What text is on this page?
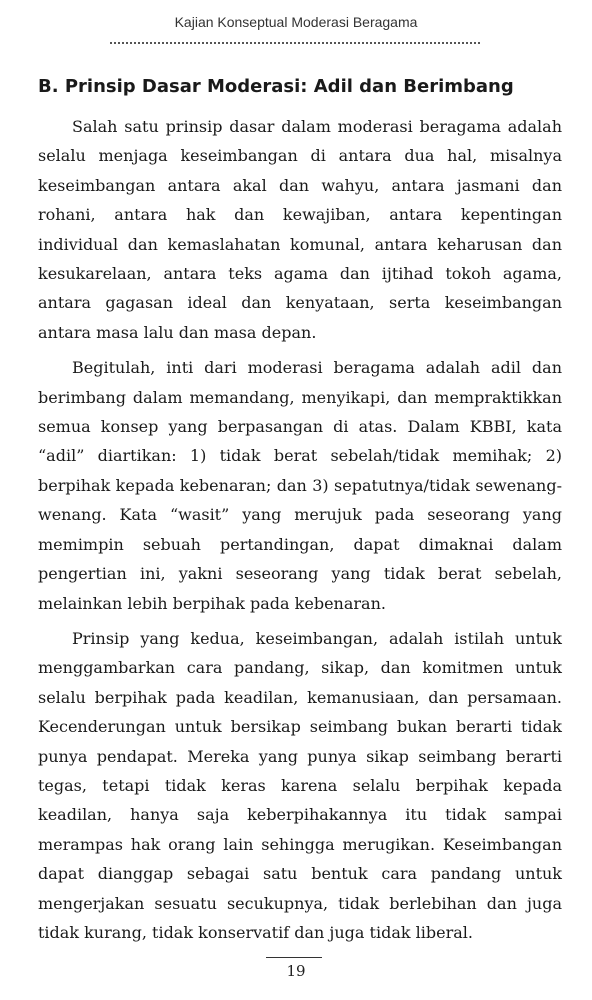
Kajian Konseptual Moderasi Beragama
B. Prinsip Dasar Moderasi: Adil dan Berimbang

Salah satu prinsip dasar dalam moderasi beragama adalah selalu menjaga keseimbangan di antara dua hal, misalnya keseimbangan antara akal dan wahyu, antara jasmani dan rohani, antara hak dan kewajiban, antara kepentingan individual dan kemaslahatan komunal, antara keharusan dan kesukarelaan, antara teks agama dan ijtihad tokoh agama, antara gagasan ideal dan kenyataan, serta keseimbangan antara masa lalu dan masa depan.

Begitulah, inti dari moderasi beragama adalah adil dan berimbang dalam memandang, menyikapi, dan mempraktikkan semua konsep yang berpasangan di atas. Dalam KBBI, kata “adil” diartikan: 1) tidak berat sebelah/tidak memihak; 2) berpihak kepada kebenaran; dan 3) sepatutnya/tidak sewenang-wenang. Kata “wasit” yang merujuk pada seseorang yang memimpin sebuah pertandingan, dapat dimaknai dalam pengertian ini, yakni seseorang yang tidak berat sebelah, melainkan lebih berpihak pada kebenaran.

Prinsip yang kedua, keseimbangan, adalah istilah untuk menggambarkan cara pandang, sikap, dan komitmen untuk selalu berpihak pada keadilan, kemanusiaan, dan persamaan. Kecenderungan untuk bersikap seimbang bukan berarti tidak punya pendapat. Mereka yang punya sikap seimbang berarti tegas, tetapi tidak keras karena selalu berpihak kepada keadilan, hanya saja keberpihakannya itu tidak sampai merampas hak orang lain sehingga merugikan. Keseimbangan dapat dianggap sebagai satu bentuk cara pandang untuk mengerjakan sesuatu secukupnya, tidak berlebihan dan juga tidak kurang, tidak konservatif dan juga tidak liberal.

19
